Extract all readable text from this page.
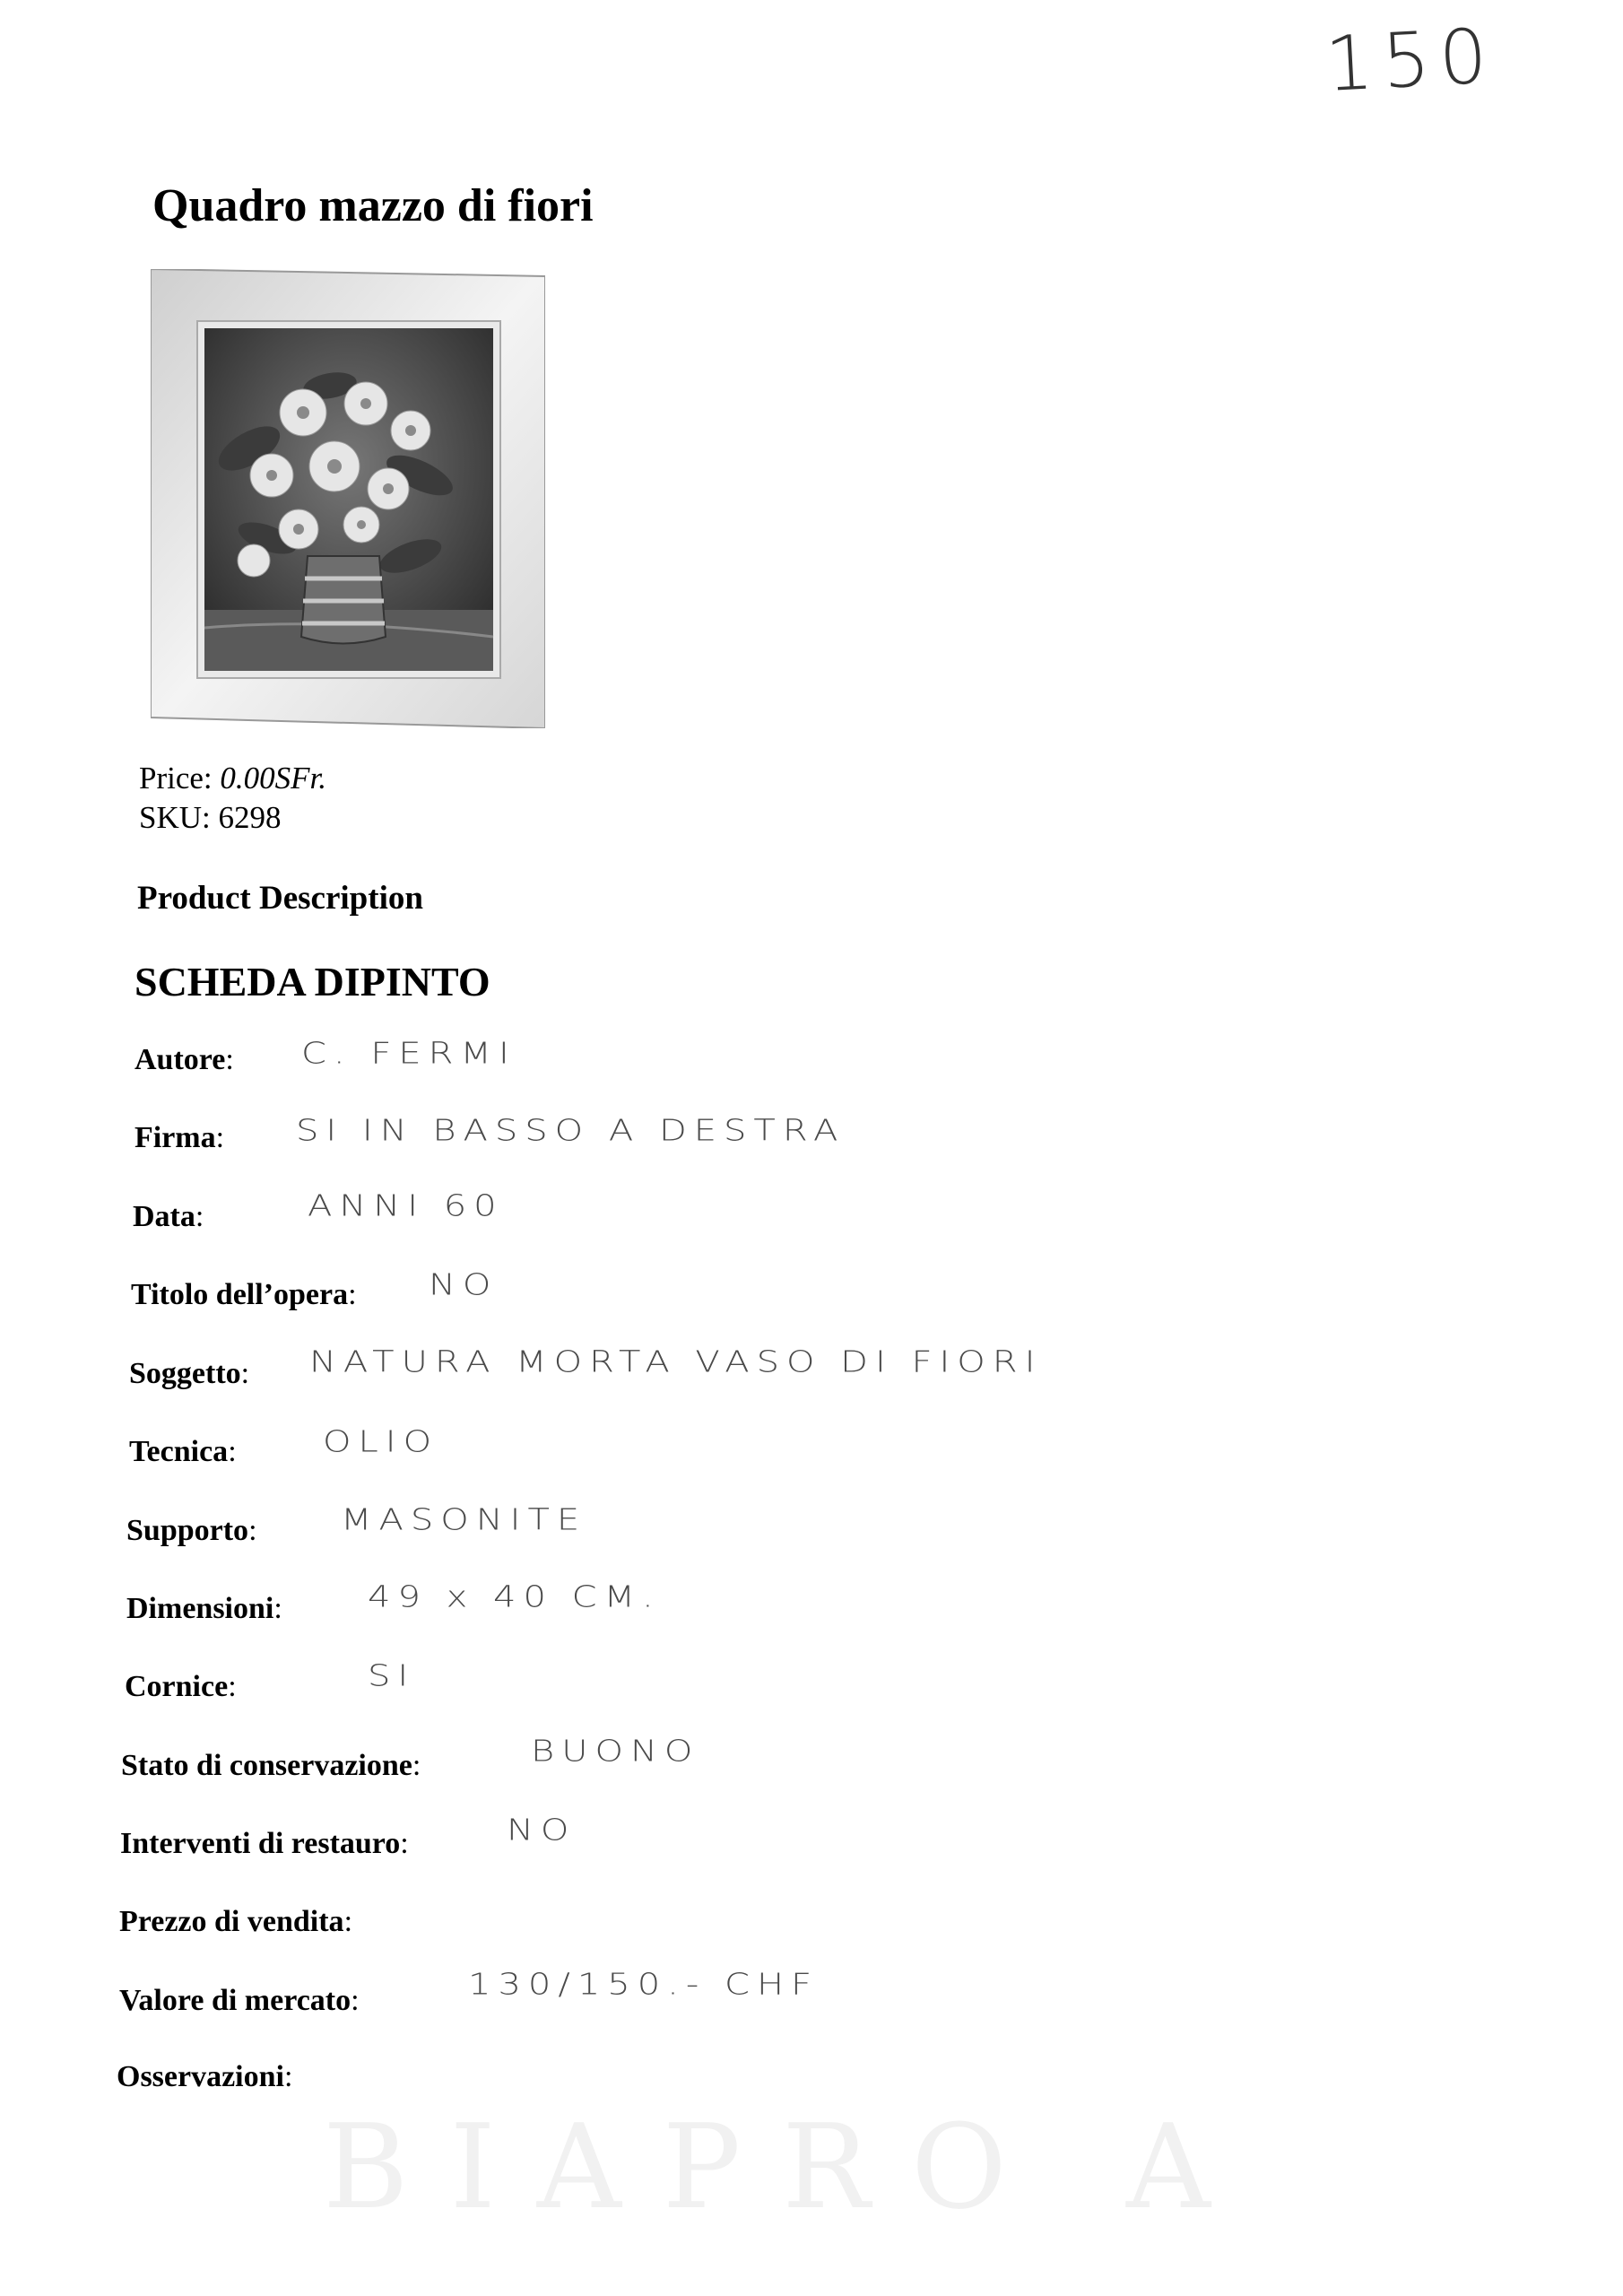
150
Quadro mazzo di fiori
Price: 0.00SFr.
SKU: 6298
Product Description
SCHEDA DIPINTO
Autore: C. FERMI
Firma: SI IN BASSO A DESTRA
Data:	ANNI 60
Titolo dell’opera: NO
Soggetto: NATURA MORTA VASO DI FIORI
Tecnica: OLIO
Supporto: MASONITE
Dimensioni: 49 x 40 CM.
Cornice:	SI
Stato di conservazione:	BUONO
Interventi di restauro:	NO
Prezzo di vendita:
Valore di mercato:	130/150.- CHF
Osservazioni:
BIAPRO A
